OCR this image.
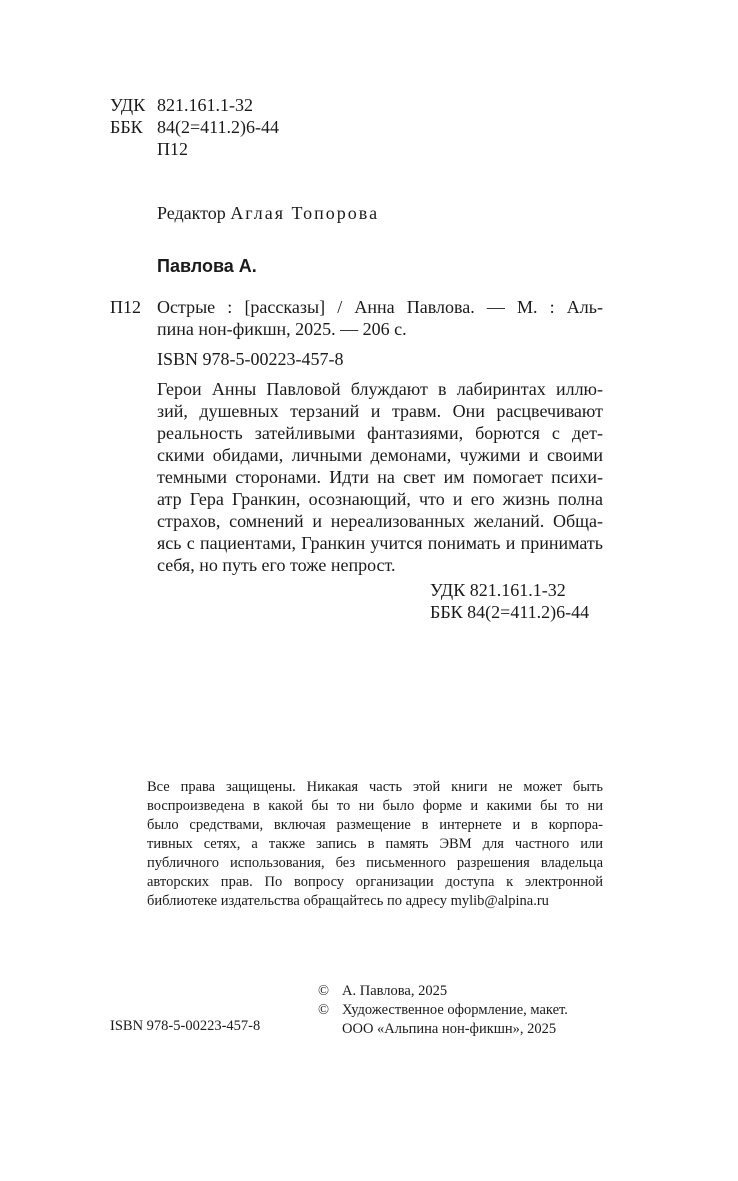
УДК 821.161.1-32
ББК 84(2=411.2)6-44
П12
Редактор Аглая Топорова
Павлова А.
П12 Острые : [рассказы] / Анна Павлова. — М. : Аль-
пина нон-фикшн, 2025. — 206 с.
ISBN 978-5-00223-457-8
Герои Анны Павловой блуждают в лабиринтах иллю-
зий, душевных терзаний и травм. Они расцвечивают
реальность затейливыми фантазиями, борются с дет-
скими обидами, личными демонами, чужими и своими
темными сторонами. Идти на свет им помогает психи-
атр Гера Гранкин, осознающий, что и его жизнь полна
страхов, сомнений и нереализованных желаний. Обща-
ясь с пациентами, Гранкин учится понимать и принимать
себя, но путь его тоже непрост.
УДК 821.161.1-32
ББК 84(2=411.2)6-44
Все права защищены. Никакая часть этой книги не может быть
воспроизведена в какой бы то ни было форме и какими бы то ни
было средствами, включая размещение в интернете и в корпора-
тивных сетях, а также запись в память ЭВМ для частного или
публичного использования, без письменного разрешения владельца
авторских прав. По вопросу организации доступа к электронной
библиотеке издательства обращайтесь по адресу mylib@alpina.ru
ISBN 978-5-00223-457-8
© А. Павлова, 2025
© Художественное оформление, макет.
ООО «Альпина нон-фикшн», 2025
